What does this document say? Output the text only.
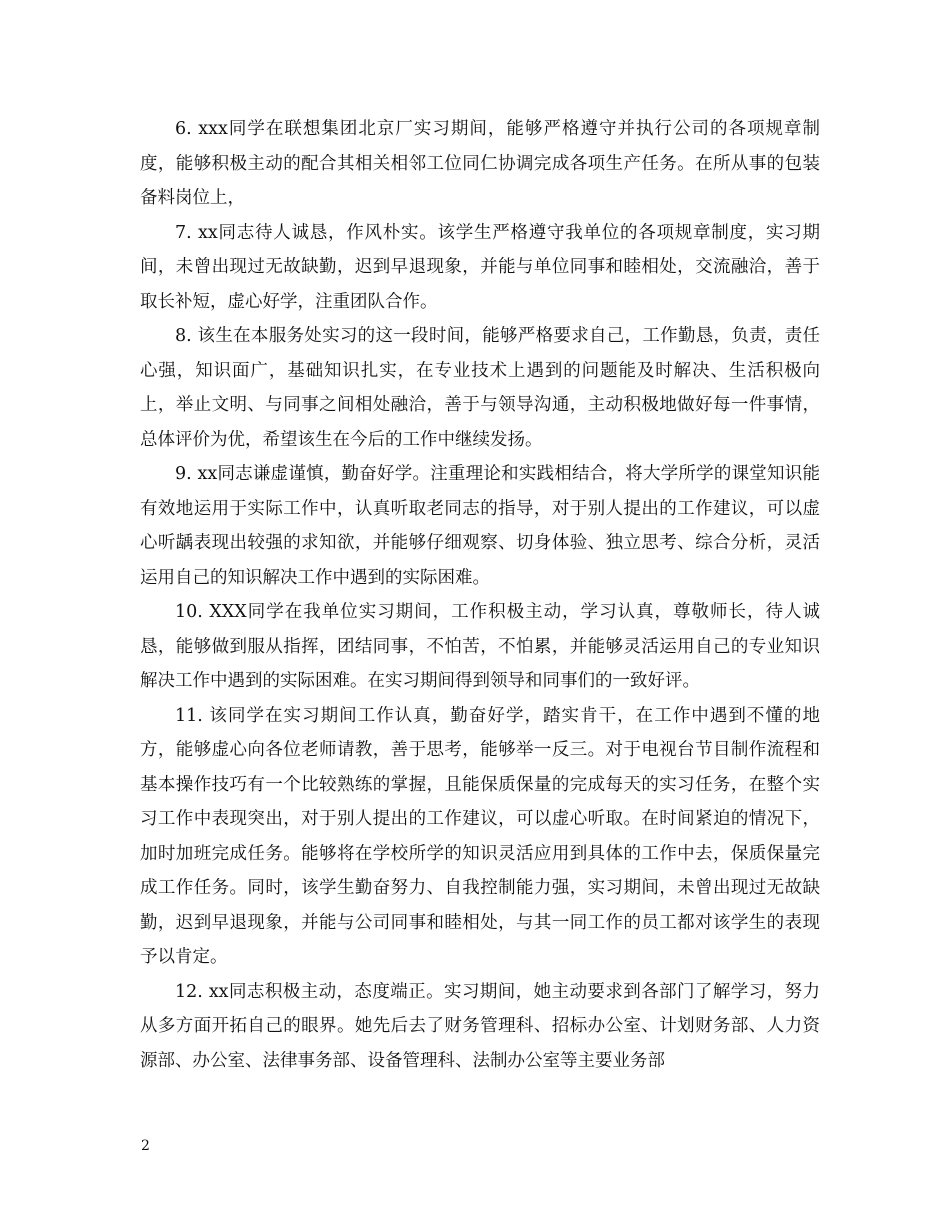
6. xxx同学在联想集团北京厂实习期间，能够严格遵守并执行公司的各项规章制度，能够积极主动的配合其相关相邻工位同仁协调完成各项生产任务。在所从事的包装备料岗位上，

7. xx同志待人诚恳，作风朴实。该学生严格遵守我单位的各项规章制度，实习期间，未曾出现过无故缺勤，迟到早退现象，并能与单位同事和睦相处，交流融洽，善于取长补短，虚心好学，注重团队合作。

8. 该生在本服务处实习的这一段时间，能够严格要求自己，工作勤恳，负责，责任心强，知识面广，基础知识扎实，在专业技术上遇到的问题能及时解决、生活积极向上，举止文明、与同事之间相处融洽，善于与领导沟通，主动积极地做好每一件事情，总体评价为优，希望该生在今后的工作中继续发扬。

9. xx同志谦虚谨慎，勤奋好学。注重理论和实践相结合，将大学所学的课堂知识能有效地运用于实际工作中，认真听取老同志的指导，对于别人提出的工作建议，可以虚心听龋表现出较强的求知欲，并能够仔细观察、切身体验、独立思考、综合分析，灵活运用自己的知识解决工作中遇到的实际困难。

10. XXX同学在我单位实习期间，工作积极主动，学习认真，尊敬师长，待人诚恳，能够做到服从指挥，团结同事，不怕苦，不怕累，并能够灵活运用自己的专业知识解决工作中遇到的实际困难。在实习期间得到领导和同事们的一致好评。

11. 该同学在实习期间工作认真，勤奋好学，踏实肯干，在工作中遇到不懂的地方，能够虚心向各位老师请教，善于思考，能够举一反三。对于电视台节目制作流程和基本操作技巧有一个比较熟练的掌握，且能保质保量的完成每天的实习任务，在整个实习工作中表现突出，对于别人提出的工作建议，可以虚心听取。在时间紧迫的情况下，加时加班完成任务。能够将在学校所学的知识灵活应用到具体的工作中去，保质保量完成工作任务。同时，该学生勤奋努力、自我控制能力强，实习期间，未曾出现过无故缺勤，迟到早退现象，并能与公司同事和睦相处，与其一同工作的员工都对该学生的表现予以肯定。

12. xx同志积极主动，态度端正。实习期间，她主动要求到各部门了解学习，努力从多方面开拓自己的眼界。她先后去了财务管理科、招标办公室、计划财务部、人力资源部、办公室、法律事务部、设备管理科、法制办公室等主要业务部

2
